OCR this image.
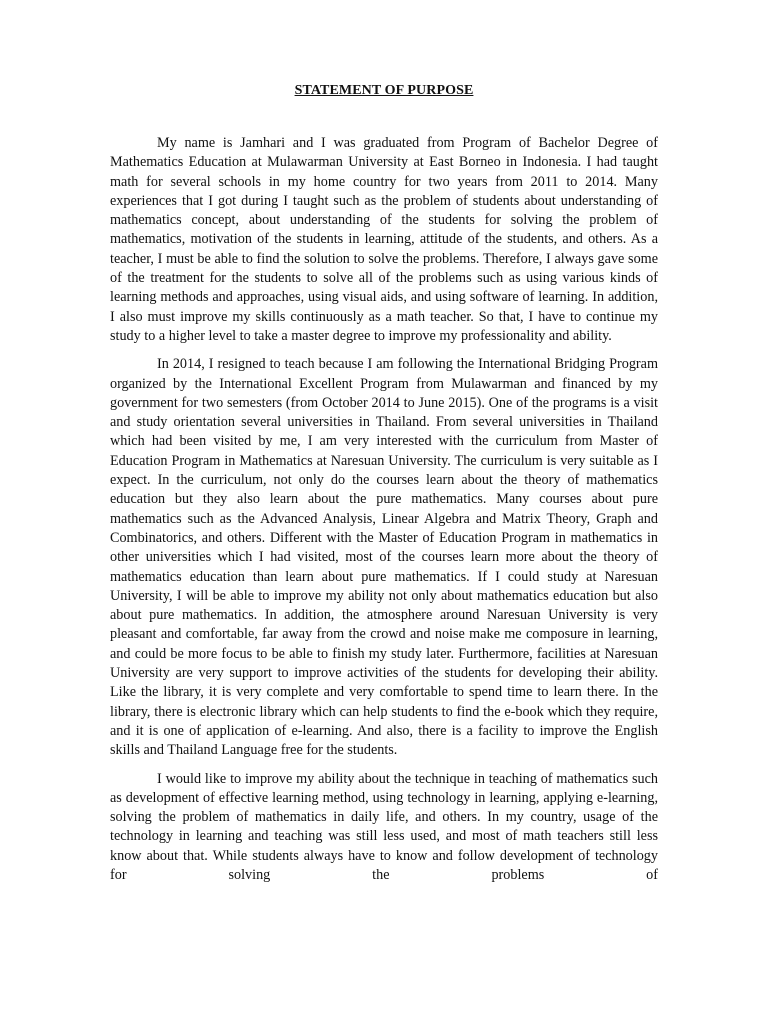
STATEMENT OF PURPOSE

My name is Jamhari and I was graduated from Program of Bachelor Degree of Mathematics Education at Mulawarman University at East Borneo in Indonesia. I had taught math for several schools in my home country for two years from 2011 to 2014. Many experiences that I got during I taught such as the problem of students about understanding of mathematics concept, about understanding of the students for solving the problem of mathematics, motivation of the students in learning, attitude of the students, and others. As a teacher, I must be able to find the solution to solve the problems. Therefore, I always gave some of the treatment for the students to solve all of the problems such as using various kinds of learning methods and approaches, using visual aids, and using software of learning. In addition, I also must improve my skills continuously as a math teacher. So that, I have to continue my study to a higher level to take a master degree to improve my professionality and ability.

In 2014, I resigned to teach because I am following the International Bridging Program organized by the International Excellent Program from Mulawarman and financed by my government for two semesters (from October 2014 to June 2015). One of the programs is a visit and study orientation several universities in Thailand. From several universities in Thailand which had been visited by me, I am very interested with the curriculum from Master of Education Program in Mathematics at Naresuan University. The curriculum is very suitable as I expect. In the curriculum, not only do the courses learn about the theory of mathematics education but they also learn about the pure mathematics. Many courses about pure mathematics such as the Advanced Analysis, Linear Algebra and Matrix Theory, Graph and Combinatorics, and others. Different with the Master of Education Program in mathematics in other universities which I had visited, most of the courses learn more about the theory of mathematics education than learn about pure mathematics. If I could study at Naresuan University, I will be able to improve my ability not only about mathematics education but also about pure mathematics. In addition, the atmosphere around Naresuan University is very pleasant and comfortable, far away from the crowd and noise make me composure in learning, and could be more focus to be able to finish my study later. Furthermore, facilities at Naresuan University are very support to improve activities of the students for developing their ability. Like the library, it is very complete and very comfortable to spend time to learn there. In the library, there is electronic library which can help students to find the e-book which they require, and it is one of application of e-learning. And also, there is a facility to improve the English skills and Thailand Language free for the students.

I would like to improve my ability about the technique in teaching of mathematics such as development of effective learning method, using technology in learning, applying e-learning, solving the problem of mathematics in daily life, and others. In my country, usage of the technology in learning and teaching was still less used, and most of math teachers still less know about that. While students always have to know and follow development of technology for solving the problems of
